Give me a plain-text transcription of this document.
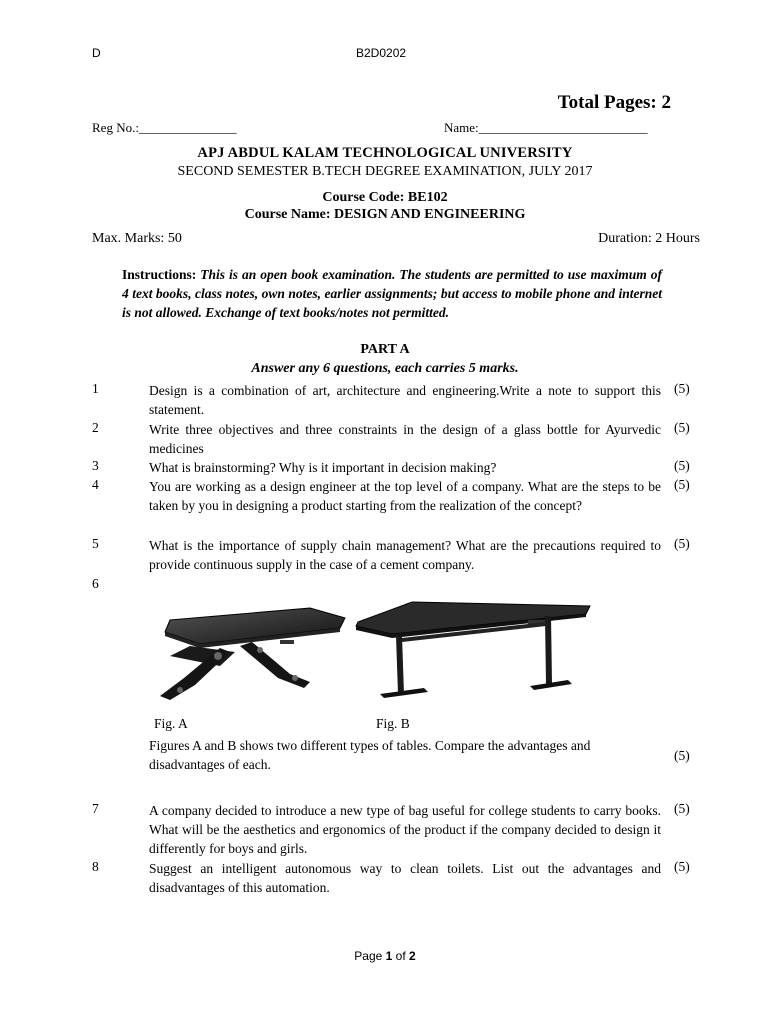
D	B2D0202
Total Pages: 2
Reg No.:_______________	Name:__________________________
APJ ABDUL KALAM TECHNOLOGICAL UNIVERSITY
SECOND SEMESTER B.TECH DEGREE EXAMINATION, JULY 2017
Course Code: BE102
Course Name: DESIGN AND ENGINEERING
Max. Marks: 50	Duration: 2 Hours
Instructions: This is an open book examination. The students are permitted to use maximum of 4 text books, class notes, own notes, earlier assignments; but access to mobile phone and internet is not allowed. Exchange of text books/notes not permitted.
PART A
Answer any 6 questions, each carries 5 marks.
1	Design is a combination of art, architecture and engineering.Write a note to support this statement.
(5)
2	Write three objectives and three constraints in the design of a glass bottle for Ayurvedic medicines
(5)
3	What is brainstorming? Why is it important in decision making?	(5)
4	You are working as a design engineer at the top level of a company. What are the steps to be taken by you in designing a product starting from the realization of the concept?
(5)
5	What is the importance of supply chain management? What are the precautions required to provide continuous supply in the case of a cement company.
(5)
6
Fig. A	Fig. B
Figures A and B shows two different types of tables. Compare the advantages and disadvantages of each.
(5)
7	A company decided to introduce a new type of bag useful for college students to carry books. What will be the aesthetics and ergonomics of the product if the company decided to design it differently for boys and girls.
(5)
8	Suggest an intelligent autonomous way to clean toilets. List out the advantages and disadvantages of this automation.
(5)
Page 1 of 2
